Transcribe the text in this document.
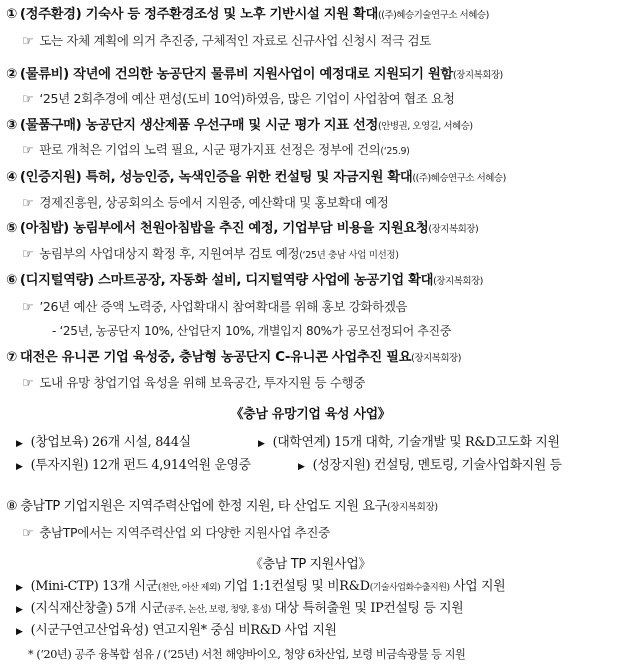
① (정주환경) 기숙사 등 정주환경조성 및 노후 기반시설 지원 확대((주)혜승기술연구소 서혜승)
☞ 도는 자체 계획에 의거 추진중, 구체적인 자료로 신규사업 신청시 적극 검토
② (물류비) 작년에 건의한 농공단지 물류비 지원사업이 예정대로 지원되기 원함(장지복회장)
☞ ‘25년 2회추경에 예산 편성(도비 10억)하였음, 많은 기업이 사업참여 협조 요청
③ (물품구매) 농공단지 생산제품 우선구매 및 시군 평가 지표 선정(안병권, 오영길, 서혜승)
☞ 판로 개척은 기업의 노력 필요, 시군 평가지표 선정은 정부에 건의(‘25.9)
④ (인증지원) 특허, 성능인증, 녹색인증을 위한 컨설팅 및 자금지원 확대((주)혜승연구소 서혜승)
☞ 경제진흥원, 상공회의소 등에서 지원중, 예산확대 및 홍보확대 예정
⑤ (아침밥) 농림부에서 천원아침밥을 추진 예정, 기업부담 비용을 지원요청(장지복회장)
☞ 농림부의 사업대상지 확정 후, 지원여부 검토 예정(‘25년 충남 사업 미선정)
⑥ (디지털역량) 스마트공장, 자동화 설비, 디지털역량 사업에 농공기업 확대(장지복회장)
☞ ’26년 예산 증액 노력중, 사업확대시 참여확대를 위해 홍보 강화하겠음
- ‘25년, 농공단지 10%, 산업단지 10%, 개별입지 80%가 공모선정되어 추진중
⑦ 대전은 유니콘 기업 육성중, 충남형 농공단지 C-유니콘 사업추진 필요(장지복회장)
☞ 도내 유망 창업기업 육성을 위해 보육공간, 투자지원 등 수행중
《충남 유망기업 육성 사업》
▶ (창업보육) 26개 시설, 844실	▶ (대학연계) 15개 대학, 기술개발 및 R&D고도화 지원
▶ (투자지원) 12개 펀드 4,914억원 운영중	▶ (성장지원) 컨설팅, 멘토링, 기술사업화지원 등
⑧ 충남TP 기업지원은 지역주력산업에 한정 지원, 타 산업도 지원 요구(장지복회장)
☞ 충남TP에서는 지역주력산업 외 다양한 지원사업 추진중
《충남 TP 지원사업》
▶ (Mini-CTP) 13개 시군(천안, 아산 제외) 기업 1:1컨설팅 및 비R&D(기술사업화수출지원) 사업 지원
▶ (지식재산창출) 5개 시군(공주, 논산, 보령, 청양, 홍성) 대상 특허출원 및 IP컨설팅 등 지원
▶ (시군구연고산업육성) 연고지원* 중심 비R&D 사업 지원
* (‘20년) 공주 융복합 섬유 / (‘25년) 서천 해양바이오, 청양 6차산업, 보령 비금속광물 등 지원
